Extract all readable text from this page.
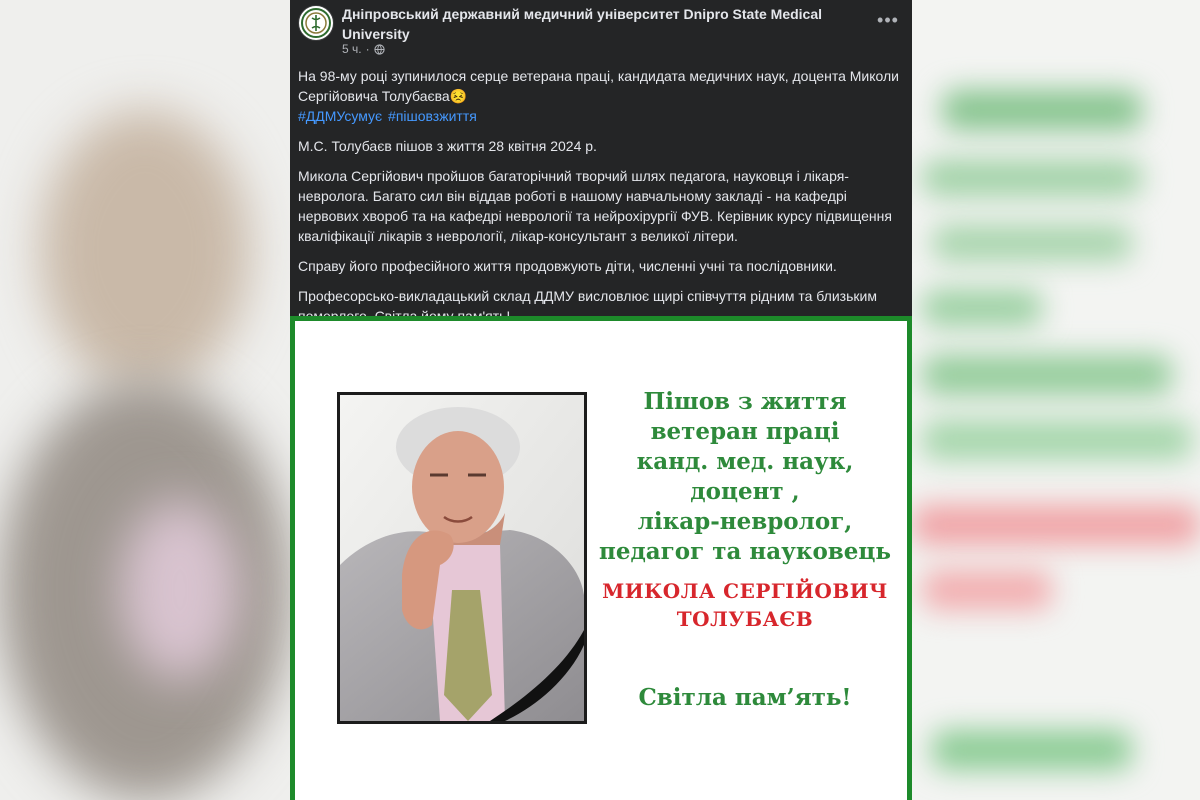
Дніпровський державний медичний університет Dnipro State Medical University
5 ч. ·
•••

На 98-му році зупинилося серце ветерана праці, кандидата медичних наук, доцента Миколи Сергійовича Толубаєва😣
#ДДМУсумує #пішовзжиття

М.С. Толубаєв пішов з життя 28 квітня 2024 р.

Микола Сергійович пройшов багаторічний творчий шлях педагога, науковця і лікаря-невролога. Багато сил він віддав роботі в нашому навчальному закладі - на кафедрі нервових хвороб та на кафедрі неврології та нейрохірургії ФУВ. Керівник курсу підвищення кваліфікації лікарів з неврології, лікар-консультант з великої літери.

Справу його професійного життя продовжують діти, численні учні та послідовники.

Професорсько-викладацький склад ДДМУ висловлює щирі співчуття рідним та близьким

Пішов з життя
ветеран праці
канд. мед. наук,
доцент ,
лікар-невролог,
педагог та науковець
МИКОЛА СЕРГІЙОВИЧ
ТОЛУБАЄВ
Світла пам’ять!
